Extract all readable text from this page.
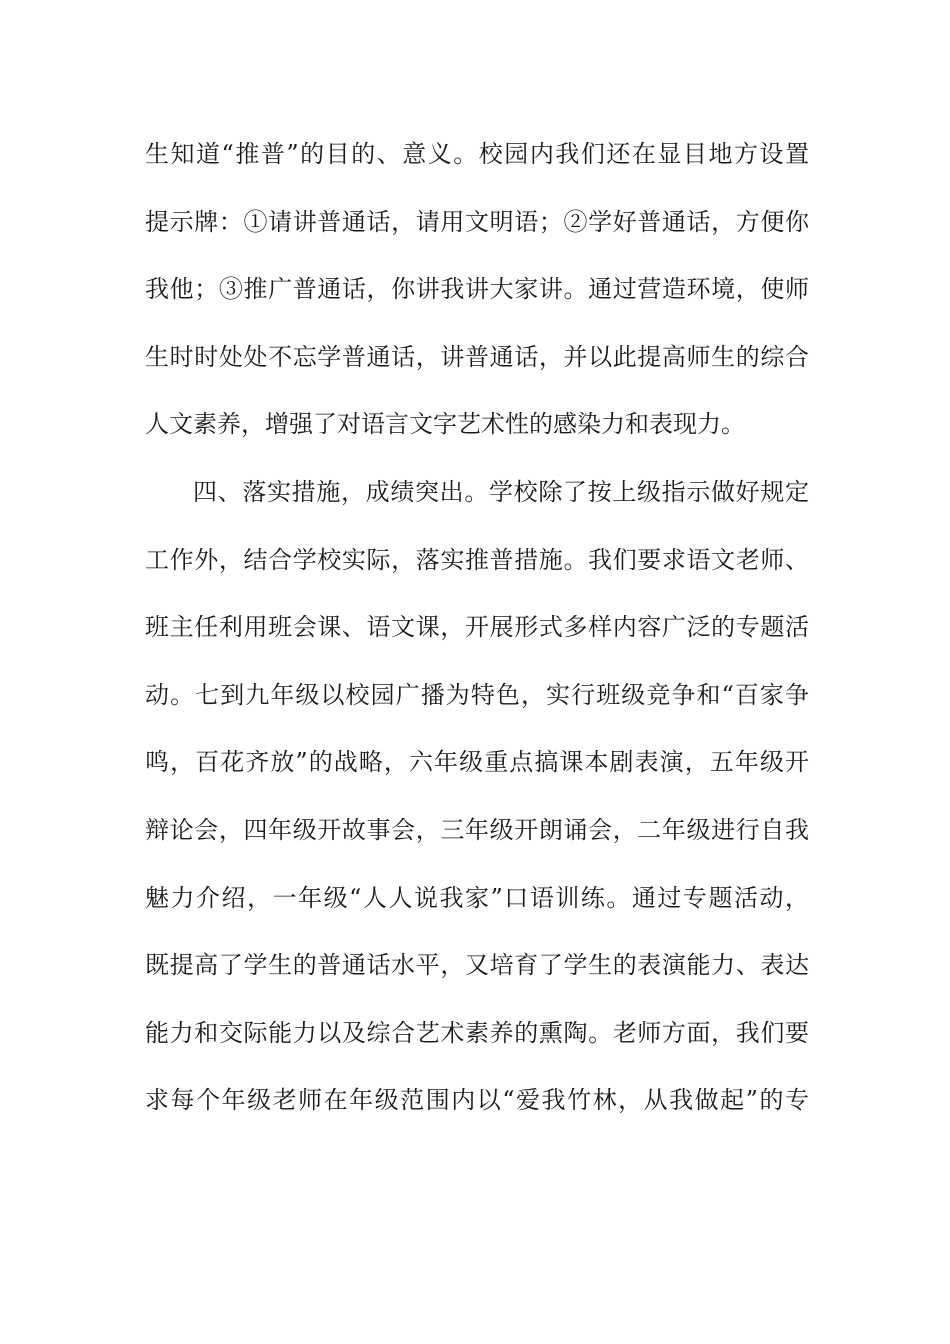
生知道“推普”的目的、意义。校园内我们还在显目地方设置
提示牌：①请讲普通话，请用文明语；②学好普通话，方便你
我他；③推广普通话，你讲我讲大家讲。通过营造环境，使师
生时时处处不忘学普通话，讲普通话，并以此提高师生的综合
人文素养，增强了对语言文字艺术性的感染力和表现力。
四、落实措施，成绩突出。学校除了按上级指示做好规定
工作外，结合学校实际，落实推普措施。我们要求语文老师、
班主任利用班会课、语文课，开展形式多样内容广泛的专题活
动。七到九年级以校园广播为特色，实行班级竞争和“百家争
鸣，百花齐放”的战略，六年级重点搞课本剧表演，五年级开
辩论会，四年级开故事会，三年级开朗诵会，二年级进行自我
魅力介绍，一年级“人人说我家”口语训练。通过专题活动，
既提高了学生的普通话水平，又培育了学生的表演能力、表达
能力和交际能力以及综合艺术素养的熏陶。老师方面，我们要
求每个年级老师在年级范围内以“爱我竹林，从我做起”的专
